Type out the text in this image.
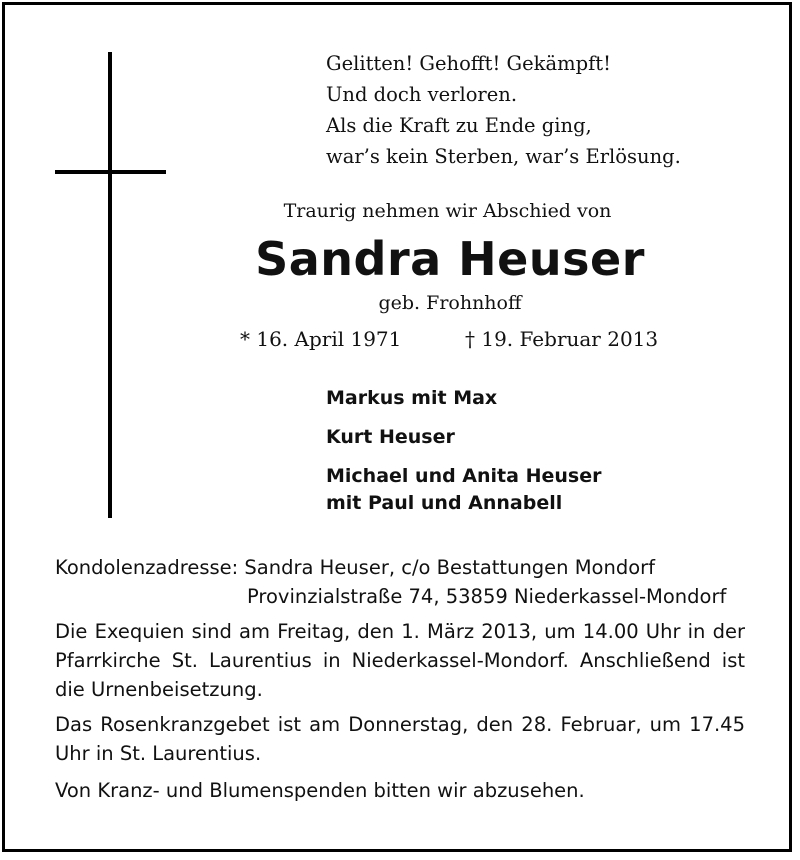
Gelitten! Gehofft! Gekämpft!
Und doch verloren.
Als die Kraft zu Ende ging,
war’s kein Sterben, war’s Erlösung.
Traurig nehmen wir Abschied von
Sandra Heuser
geb. Frohnhoff
* 16. April 1971	† 19. Februar 2013
Markus mit Max
Kurt Heuser
Michael und Anita Heuser
mit Paul und Annabell
Kondolenzadresse: Sandra Heuser, c/o Bestattungen Mondorf
Provinzialstraße 74, 53859 Niederkassel-Mondorf
Die Exequien sind am Freitag, den 1. März 2013, um 14.00 Uhr in der Pfarrkirche St. Laurentius in Niederkassel-Mondorf. Anschließend ist die Urnenbeisetzung.
Das Rosenkranzgebet ist am Donnerstag, den 28. Februar, um 17.45 Uhr in St. Laurentius.
Von Kranz- und Blumenspenden bitten wir abzusehen.
